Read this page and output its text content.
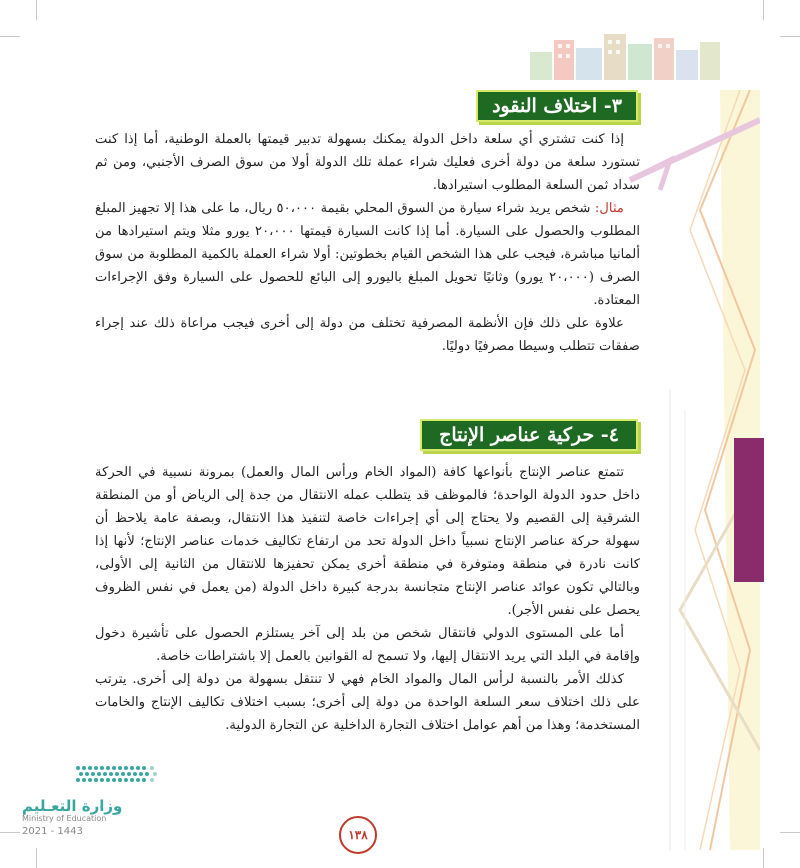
٣- اختلاف النقود

إذا كنت تشتري أي سلعة داخل الدولة يمكنك بسهولة تدبير قيمتها بالعملة الوطنية، أما إذا كنت تستورد سلعة من دولة أخرى فعليك شراء عملة تلك الدولة أولا من سوق الصرف الأجنبي، ومن ثم سداد ثمن السلعة المطلوب استيرادها.

مثال: شخص يريد شراء سيارة من السوق المحلي بقيمة ٥٠،٠٠٠ ريال، ما على هذا إلا تجهيز المبلغ المطلوب والحصول على السيارة. أما إذا كانت السيارة قيمتها ٢٠،٠٠٠ يورو مثلا ويتم استيرادها من ألمانيا مباشرة، فيجب على هذا الشخص القيام بخطوتين: أولا شراء العملة بالكمية المطلوبة من سوق الصرف (٢٠،٠٠٠ يورو) وثانيًا تحويل المبلغ باليورو إلى البائع للحصول على السيارة وفق الإجراءات المعتادة.

علاوة على ذلك فإن الأنظمة المصرفية تختلف من دولة إلى أخرى فيجب مراعاة ذلك عند إجراء صفقات تتطلب وسيطا مصرفيًا دوليًا.

٤- حركية عناصر الإنتاج

تتمتع عناصر الإنتاج بأنواعها كافة (المواد الخام ورأس المال والعمل) بمرونة نسبية في الحركة داخل حدود الدولة الواحدة؛ فالموظف قد يتطلب عمله الانتقال من جدة إلى الرياض أو من المنطقة الشرقية إلى القصيم ولا يحتاج إلى أي إجراءات خاصة لتنفيذ هذا الانتقال، وبصفة عامة يلاحظ أن سهولة حركة عناصر الإنتاج نسبياً داخل الدولة تحد من ارتفاع تكاليف خدمات عناصر الإنتاج؛ لأنها إذا كانت نادرة في منطقة ومتوفرة في منطقة أخرى يمكن تحفيزها للانتقال من الثانية إلى الأولى، وبالتالي تكون عوائد عناصر الإنتاج متجانسة بدرجة كبيرة داخل الدولة (من يعمل في نفس الظروف يحصل على نفس الأجر).

أما على المستوى الدولي فانتقال شخص من بلد إلى آخر يستلزم الحصول على تأشيرة دخول وإقامة في البلد التي يريد الانتقال إليها، ولا تسمح له القوانين بالعمل إلا باشتراطات خاصة.

كذلك الأمر بالنسبة لرأس المال والمواد الخام فهي لا تنتقل بسهولة من دولة إلى أخرى. يترتب على ذلك اختلاف سعر السلعة الواحدة من دولة إلى أخرى؛ بسبب اختلاف تكاليف الإنتاج والخامات المستخدمة؛ وهذا من أهم عوامل اختلاف التجارة الداخلية عن التجارة الدولية.

وزارة التعـليم
Ministry of Education
2021 - 1443	١٣٨
